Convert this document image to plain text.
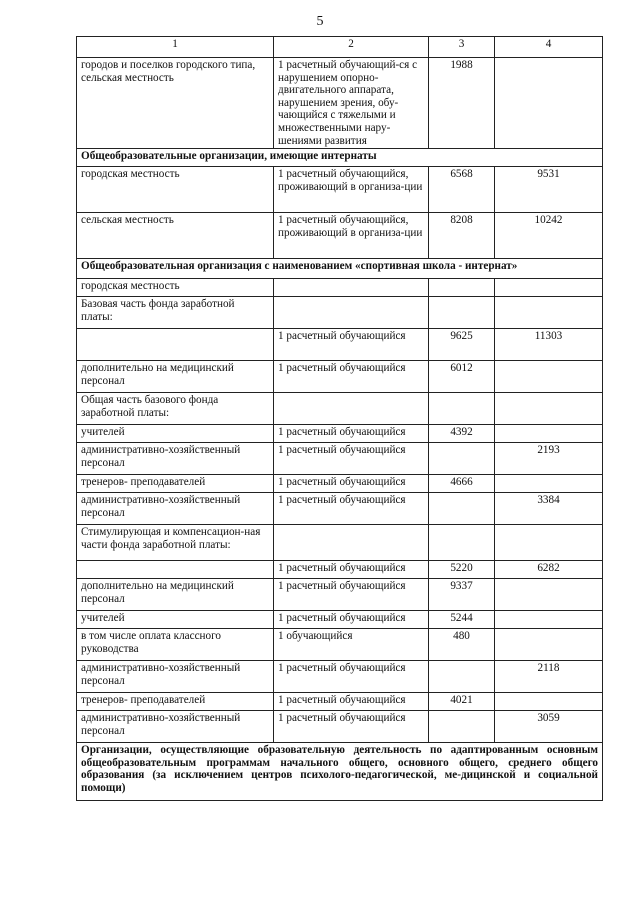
5
1	2	3	4
городов и поселков городского типа, сельская местность	1 расчетный обучающий-ся с нарушением опорно-двигательного аппарата, нарушением зрения, обу-чающийся с тяжелыми и множественными нару-шениями развития	1988	
Общеобразовательные организации, имеющие интернаты			
городская местность	1 расчетный обучающийся, проживающий в организа-ции	6568	9531
сельская местность	1 расчетный обучающийся, проживающий в организа-ции	8208	10242
Общеобразовательная организация с наименованием «спортивная школа - интернат»			
городская местность			
Базовая часть фонда заработной платы:			
	1 расчетный обучающийся	9625	11303
дополнительно на медицинский персонал	1 расчетный обучающийся	6012	
Общая часть базового фонда заработной платы:			
учителей	1 расчетный обучающийся	4392	
административно-хозяйственный персонал	1 расчетный обучающийся		2193
тренеров- преподавателей	1 расчетный обучающийся	4666	
административно-хозяйственный персонал	1 расчетный обучающийся		3384
Стимулирующая и компенсацион-ная части фонда заработной платы:			
	1 расчетный обучающийся	5220	6282
дополнительно на медицинский персонал	1 расчетный обучающийся	9337	
учителей	1 расчетный обучающийся	5244	
в том числе оплата классного руководства	1 обучающийся	480	
административно-хозяйственный персонал	1 расчетный обучающийся		2118
тренеров- преподавателей	1 расчетный обучающийся	4021	
административно-хозяйственный персонал	1 расчетный обучающийся		3059
Организации, осуществляющие образовательную деятельность по адаптированным основным общеобразовательным программам начального общего, основного общего, среднего общего образования (за исключением центров психолого-педагогической, ме-дицинской и социальной помощи)			
